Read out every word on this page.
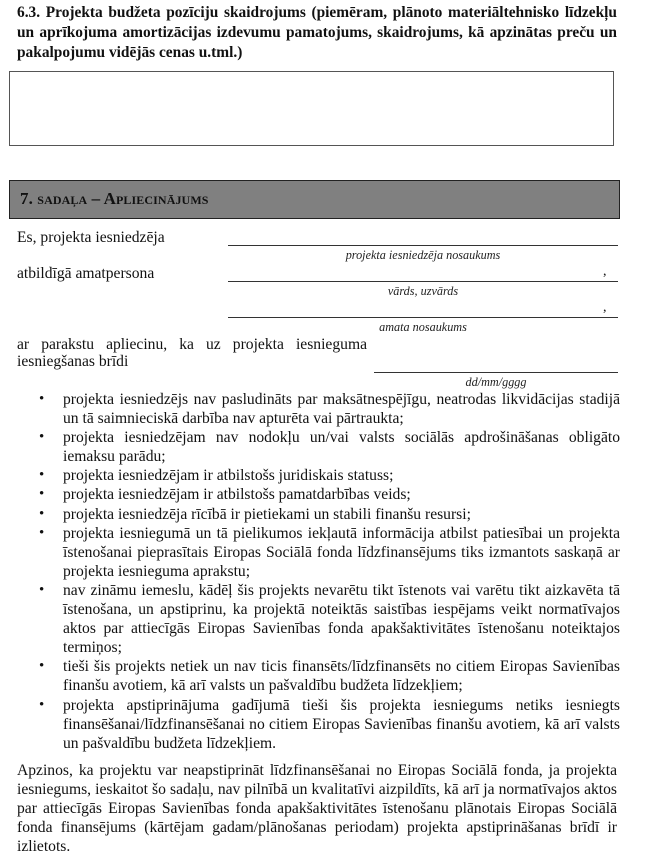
6.3. Projekta budžeta pozīciju skaidrojums (piemēram, plānoto materiāltehnisko līdzekļu un aprīkojuma amortizācijas izdevumu pamatojums, skaidrojums, kā apzinātas preču un pakalpojumu vidējās cenas u.tml.)
7. sadaļa – Apliecinājums
Es, projekta iesniedzēja
projekta iesniedzēja nosaukums
atbildīgā amatpersona	,
vārds, uzvārds
,
amata nosaukums
ar parakstu apliecinu, ka uz projekta iesnieguma iesniegšanas brīdi
dd/mm/gggg
• projekta iesniedzējs nav pasludināts par maksātnespējīgu, neatrodas likvidācijas stadijā un tā saimnieciskā darbība nav apturēta vai pārtraukta;
• projekta iesniedzējam nav nodokļu un/vai valsts sociālās apdrošināšanas obligāto iemaksu parādu;
• projekta iesniedzējam ir atbilstošs juridiskais statuss;
• projekta iesniedzējam ir atbilstošs pamatdarbības veids;
• projekta iesniedzēja rīcībā ir pietiekami un stabili finanšu resursi;
• projekta iesniegumā un tā pielikumos iekļautā informācija atbilst patiesībai un projekta īstenošanai pieprasītais Eiropas Sociālā fonda līdzfinansējums tiks izmantots saskaņā ar projekta iesnieguma aprakstu;
• nav zināmu iemeslu, kādēļ šis projekts nevarētu tikt īstenots vai varētu tikt aizkavēta tā īstenošana, un apstiprinu, ka projektā noteiktās saistības iespējams veikt normatīvajos aktos par attiecīgās Eiropas Savienības fonda apakšaktivitātes īstenošanu noteiktajos termiņos;
• tieši šis projekts netiek un nav ticis finansēts/līdzfinansēts no citiem Eiropas Savienības finanšu avotiem, kā arī valsts un pašvaldību budžeta līdzekļiem;
• projekta apstiprinājuma gadījumā tieši šis projekta iesniegums netiks iesniegts finansēšanai/līdzfinansēšanai no citiem Eiropas Savienības finanšu avotiem, kā arī valsts un pašvaldību budžeta līdzekļiem.
Apzinos, ka projektu var neapstiprināt līdzfinansēšanai no Eiropas Sociālā fonda, ja projekta iesniegums, ieskaitot šo sadaļu, nav pilnībā un kvalitatīvi aizpildīts, kā arī ja normatīvajos aktos par attiecīgās Eiropas Savienības fonda apakšaktivitātes īstenošanu plānotais Eiropas Sociālā fonda finansējums (kārtējam gadam/plānošanas periodam) projekta apstiprināšanas brīdī ir izlietots.
